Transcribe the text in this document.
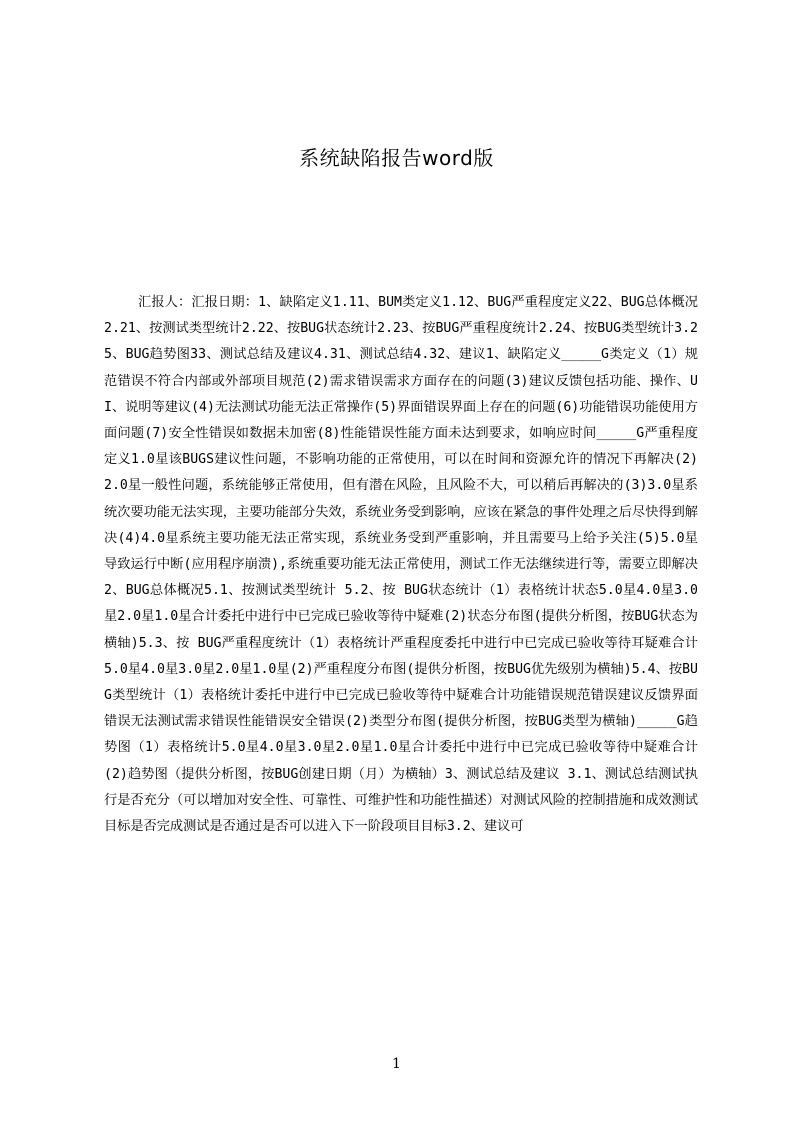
系统缺陷报告word版

汇报人：汇报日期：1、缺陷定义1.11、BUM类定义1.12、BUG严重程度定义22、BUG总体概况2.21、按测试类型统计2.22、按BUG状态统计2.23、按BUG严重程度统计2.24、按BUG类型统计3.25、BUG趋势图33、测试总结及建议4.31、测试总结4.32、建议1、缺陷定义_____G类定义（1）规范错误不符合内部或外部项目规范(2)需求错误需求方面存在的问题(3)建议反馈包括功能、操作、UI、说明等建议(4)无法测试功能无法正常操作(5)界面错误界面上存在的问题(6)功能错误功能使用方面问题(7)安全性错误如数据未加密(8)性能错误性能方面未达到要求，如响应时间_____G严重程度定义1.0星该BUGS建议性问题，不影响功能的正常使用，可以在时间和资源允许的情况下再解决(2)2.0星一般性问题，系统能够正常使用，但有潜在风险，且风险不大，可以稍后再解决的(3)3.0星系统次要功能无法实现，主要功能部分失效，系统业务受到影响，应该在紧急的事件处理之后尽快得到解决(4)4.0星系统主要功能无法正常实现，系统业务受到严重影响，并且需要马上给予关注(5)5.0星导致运行中断(应用程序崩溃),系统重要功能无法正常使用，测试工作无法继续进行等，需要立即解决2、BUG总体概况5.1、按测试类型统计 5.2、按 BUG状态统计（1）表格统计状态5.0星4.0星3.0星2.0星1.0星合计委托中进行中已完成已验收等待中疑难(2)状态分布图(提供分析图，按BUG状态为横轴)5.3、按 BUG严重程度统计（1）表格统计严重程度委托中进行中已完成已验收等待耳疑难合计5.0星4.0星3.0星2.0星1.0星(2)严重程度分布图(提供分析图，按BUG优先级别为横轴)5.4、按BUG类型统计（1）表格统计委托中进行中已完成已验收等待中疑难合计功能错误规范错误建议反馈界面错误无法测试需求错误性能错误安全错误(2)类型分布图(提供分析图，按BUG类型为横轴)_____G趋势图（1）表格统计5.0星4.0星3.0星2.0星1.0星合计委托中进行中已完成已验收等待中疑难合计(2)趋势图（提供分析图，按BUG创建日期（月）为横轴）3、测试总结及建议 3.1、测试总结测试执行是否充分（可以增加对安全性、可靠性、可维护性和功能性描述）对测试风险的控制措施和成效测试目标是否完成测试是否通过是否可以进入下一阶段项目目标3.2、建议可

1
